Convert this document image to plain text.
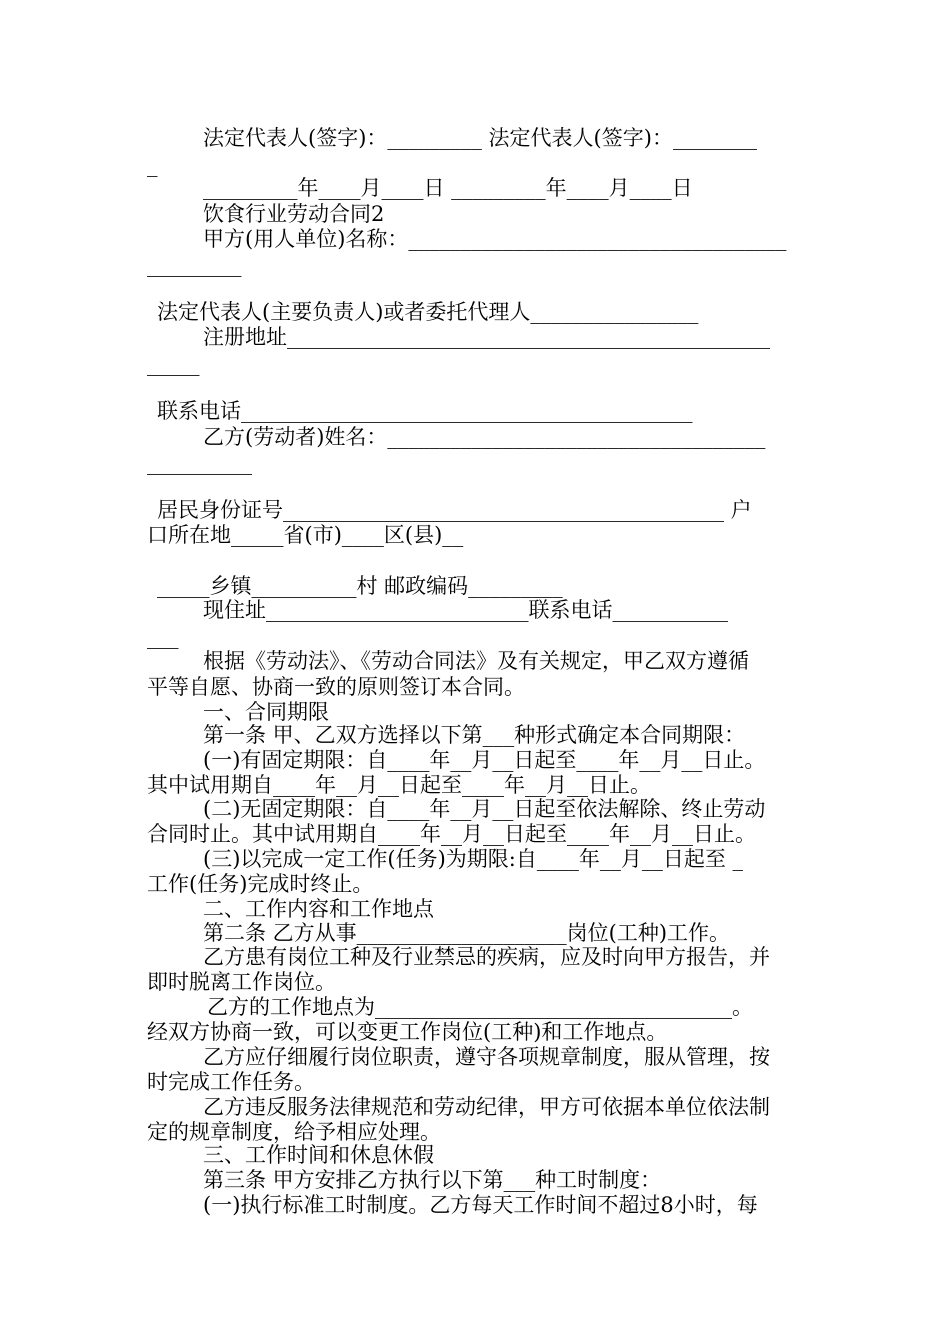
法定代表人(签字)：_________ 法定代表人(签字)：________
_
_________年____月____日 _________年____月____日
饮食行业劳动合同2
甲方(用人单位)名称：____________________________________
_________
法定代表人(主要负责人)或者委托代理人________________
注册地址______________________________________________
_____
联系电话___________________________________________
乙方(劳动者)姓名：____________________________________
__________
居民身份证号__________________________________________ 户
口所在地_____省(市)____区(县)__
_____乡镇__________村 邮政编码_________
现住址_________________________联系电话___________
___
根据《劳动法》、《劳动合同法》及有关规定，甲乙双方遵循
平等自愿、协商一致的原则签订本合同。
一、合同期限
第一条 甲、乙双方选择以下第___种形式确定本合同期限：
(一)有固定期限：自____年__月__日起至____年__月__日止。
其中试用期自____年__月__日起至____年__月__日止。
(二)无固定期限：自____年__月__日起至依法解除、终止劳动
合同时止。其中试用期自____年__月__日起至____年__月__日止。
(三)以完成一定工作(任务)为期限:自____年__月__日起至 _
工作(任务)完成时终止。
二、工作内容和工作地点
第二条 乙方从事____________________岗位(工种)工作。
乙方患有岗位工种及行业禁忌的疾病，应及时向甲方报告，并
即时脱离工作岗位。
乙方的工作地点为__________________________________。
经双方协商一致，可以变更工作岗位(工种)和工作地点。
乙方应仔细履行岗位职责，遵守各项规章制度，服从管理，按
时完成工作任务。
乙方违反服务法律规范和劳动纪律，甲方可依据本单位依法制
定的规章制度，给予相应处理。
三、工作时间和休息休假
第三条 甲方安排乙方执行以下第___种工时制度：
(一)执行标准工时制度。乙方每天工作时间不超过8小时，每
